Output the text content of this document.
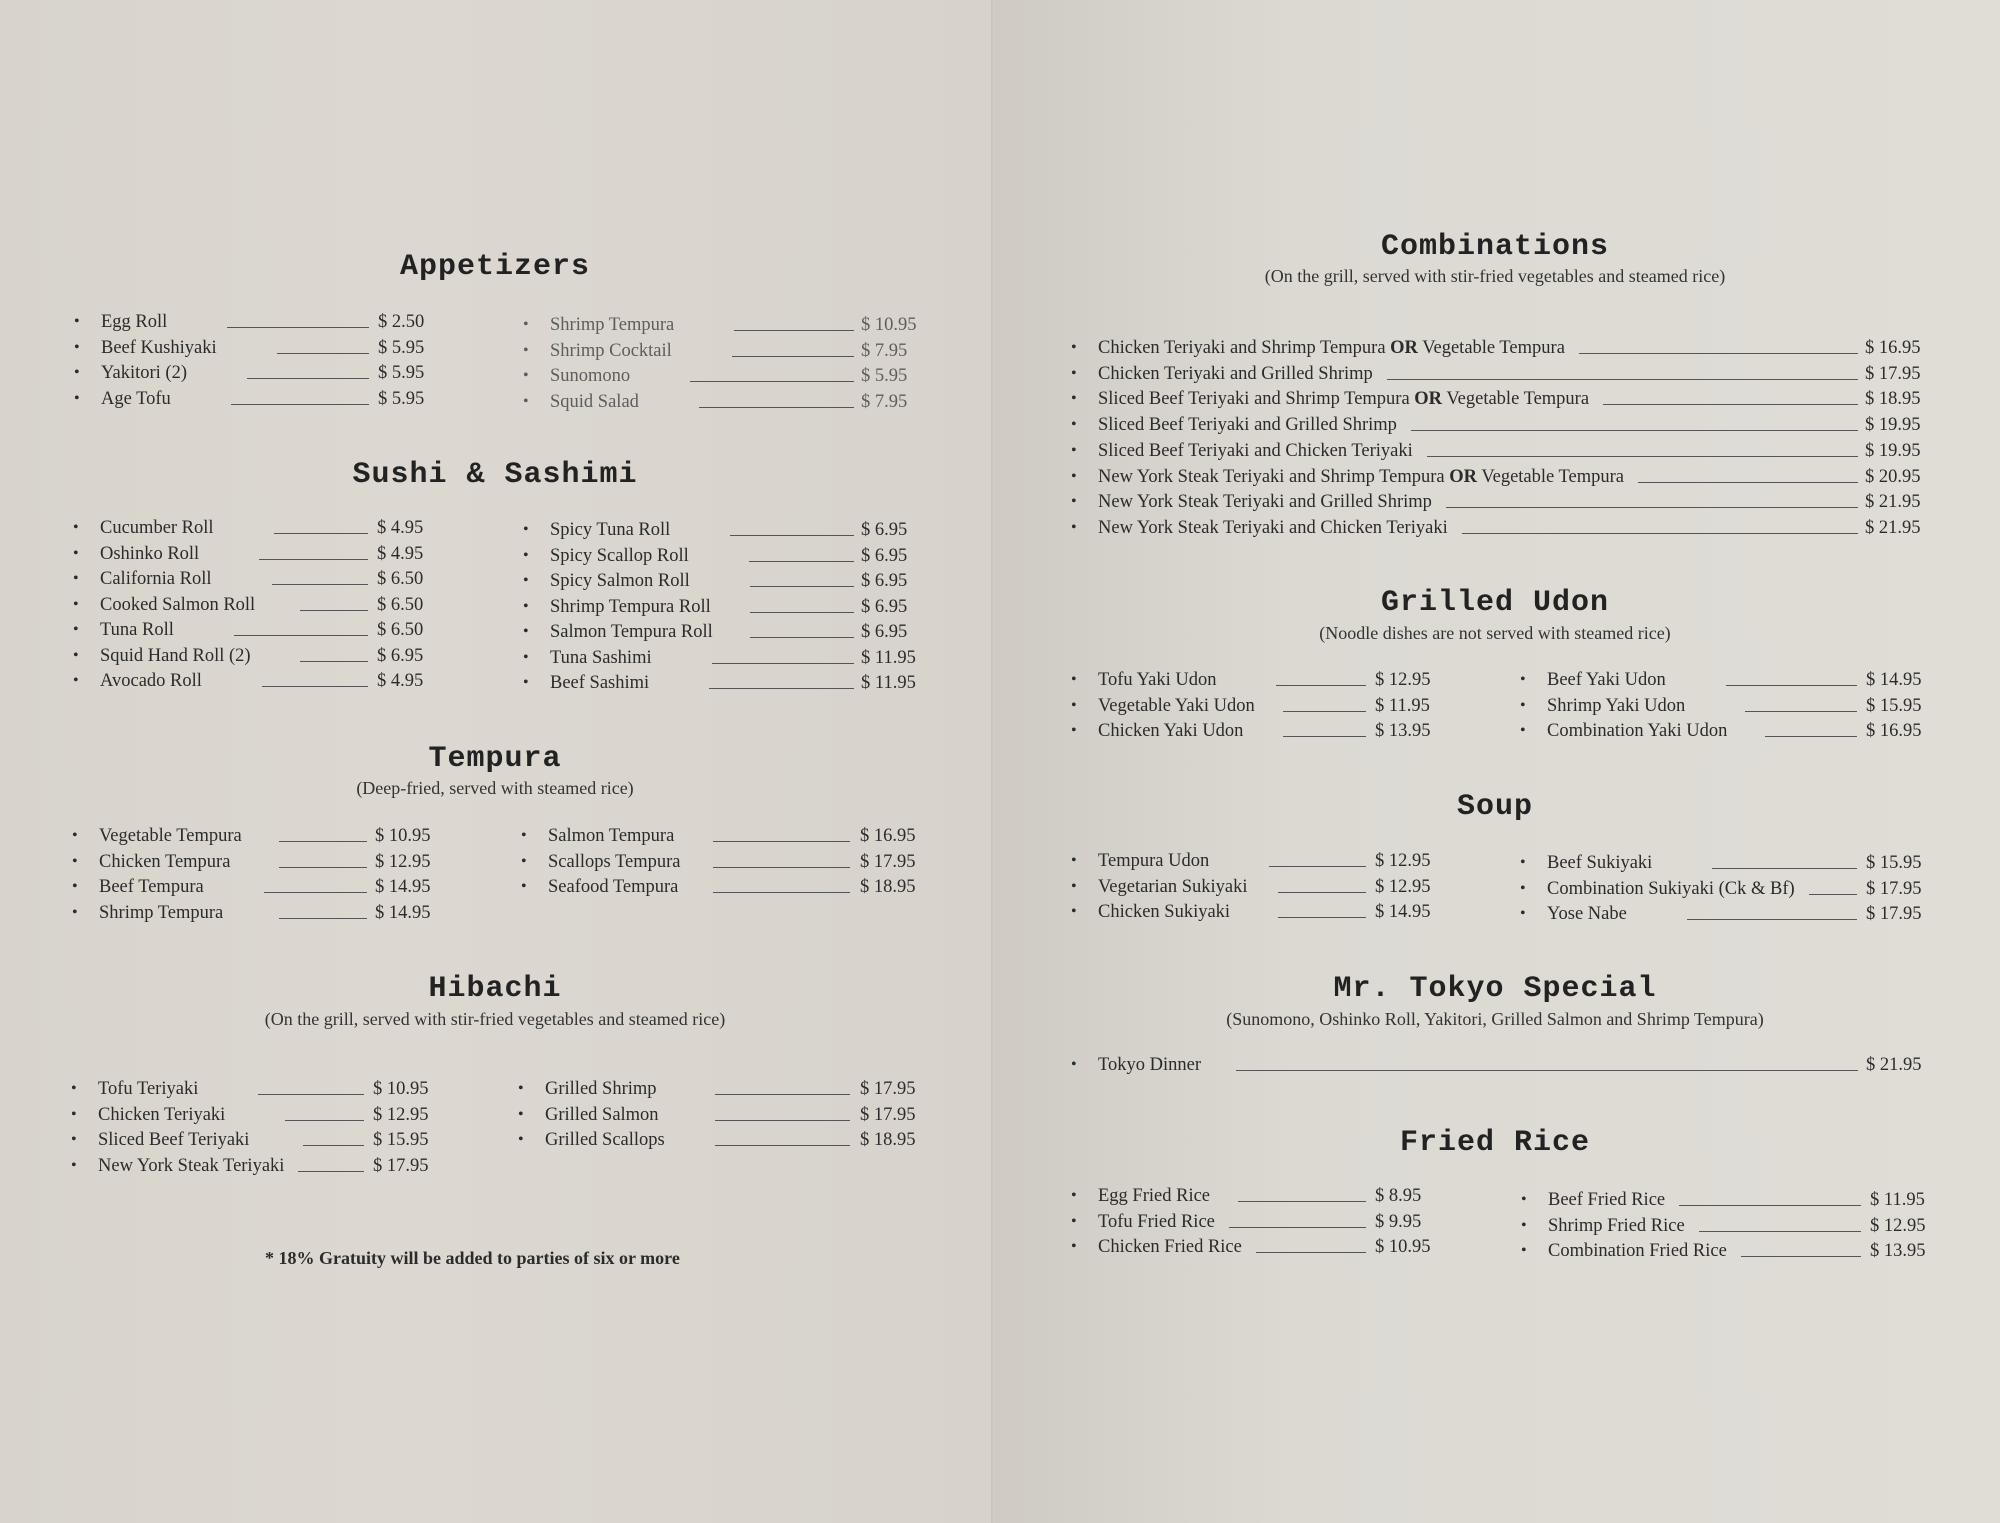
Appetizers
• Egg Roll	$ 2.50
• Beef Kushiyaki	$ 5.95
• Yakitori (2)	$ 5.95
• Age Tofu	$ 5.95
• Shrimp Tempura	$ 10.95
• Shrimp Cocktail	$ 7.95
• Sunomono	$ 5.95
• Squid Salad	$ 7.95
Sushi & Sashimi
• Cucumber Roll	$ 4.95
• Oshinko Roll	$ 4.95
• California Roll	$ 6.50
• Cooked Salmon Roll	$ 6.50
• Tuna Roll	$ 6.50
• Squid Hand Roll (2)	$ 6.95
• Avocado Roll	$ 4.95
• Spicy Tuna Roll	$ 6.95
• Spicy Scallop Roll	$ 6.95
• Spicy Salmon Roll	$ 6.95
• Shrimp Tempura Roll	$ 6.95
• Salmon Tempura Roll	$ 6.95
• Tuna Sashimi	$ 11.95
• Beef Sashimi	$ 11.95
Tempura
(Deep-fried, served with steamed rice)
• Vegetable Tempura	$ 10.95
• Chicken Tempura	$ 12.95
• Beef Tempura	$ 14.95
• Shrimp Tempura	$ 14.95
• Salmon Tempura	$ 16.95
• Scallops Tempura	$ 17.95
• Seafood Tempura	$ 18.95
Hibachi
(On the grill, served with stir-fried vegetables and steamed rice)
• Tofu Teriyaki	$ 10.95
• Chicken Teriyaki	$ 12.95
• Sliced Beef Teriyaki	$ 15.95
• New York Steak Teriyaki	$ 17.95
• Grilled Shrimp	$ 17.95
• Grilled Salmon	$ 17.95
• Grilled Scallops	$ 18.95
* 18% Gratuity will be added to parties of six or more
Combinations
(On the grill, served with stir-fried vegetables and steamed rice)
• Chicken Teriyaki and Shrimp Tempura OR Vegetable Tempura	$ 16.95
• Chicken Teriyaki and Grilled Shrimp	$ 17.95
• Sliced Beef Teriyaki and Shrimp Tempura OR Vegetable Tempura	$ 18.95
• Sliced Beef Teriyaki and Grilled Shrimp	$ 19.95
• Sliced Beef Teriyaki and Chicken Teriyaki	$ 19.95
• New York Steak Teriyaki and Shrimp Tempura OR Vegetable Tempura	$ 20.95
• New York Steak Teriyaki and Grilled Shrimp	$ 21.95
• New York Steak Teriyaki and Chicken Teriyaki	$ 21.95
Grilled Udon
(Noodle dishes are not served with steamed rice)
• Tofu Yaki Udon	$ 12.95
• Vegetable Yaki Udon	$ 11.95
• Chicken Yaki Udon	$ 13.95
• Beef Yaki Udon	$ 14.95
• Shrimp Yaki Udon	$ 15.95
• Combination Yaki Udon	$ 16.95
Soup
• Tempura Udon	$ 12.95
• Vegetarian Sukiyaki	$ 12.95
• Chicken Sukiyaki	$ 14.95
• Beef Sukiyaki	$ 15.95
• Combination Sukiyaki (Ck & Bf)	$ 17.95
• Yose Nabe	$ 17.95
Mr. Tokyo Special
(Sunomono, Oshinko Roll, Yakitori, Grilled Salmon and Shrimp Tempura)
• Tokyo Dinner	$ 21.95
Fried Rice
• Egg Fried Rice	$ 8.95
• Tofu Fried Rice	$ 9.95
• Chicken Fried Rice	$ 10.95
• Beef Fried Rice	$ 11.95
• Shrimp Fried Rice	$ 12.95
• Combination Fried Rice	$ 13.95
